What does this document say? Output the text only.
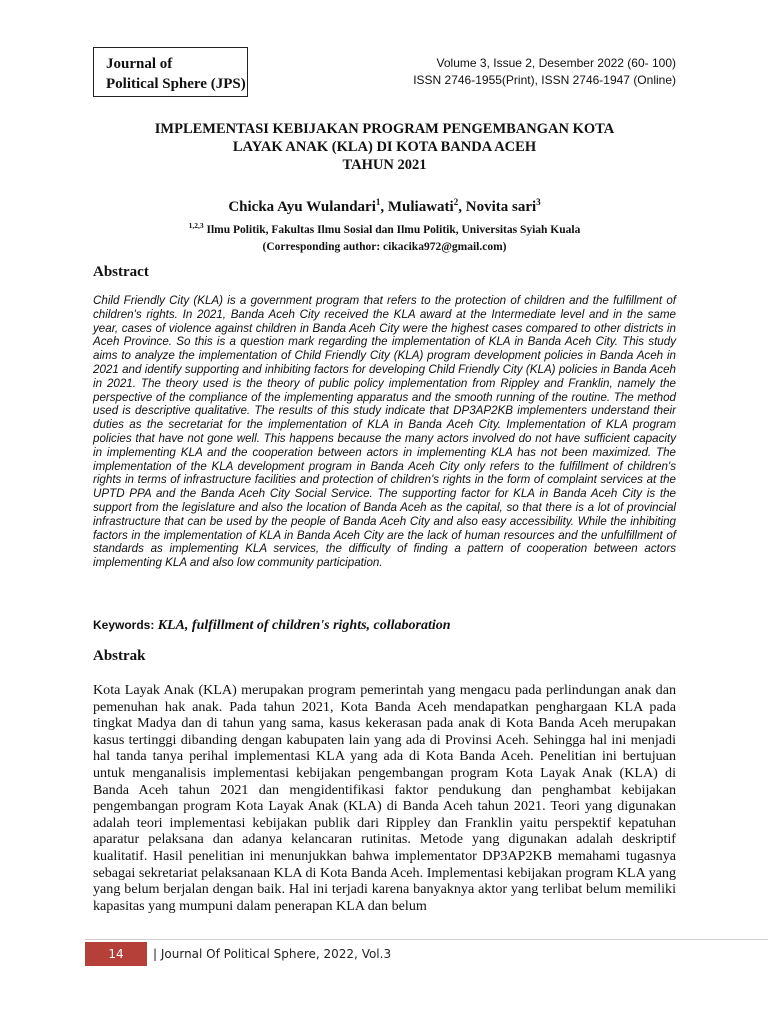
Journal of
Political Sphere (JPS)
Volume 3, Issue 2, Desember 2022 (60- 100)
ISSN 2746-1955(Print), ISSN 2746-1947 (Online)
IMPLEMENTASI KEBIJAKAN PROGRAM PENGEMBANGAN KOTA
LAYAK ANAK (KLA) DI KOTA BANDA ACEH
TAHUN 2021
Chicka Ayu Wulandari$^1$, Muliawati$^2$, Novita sari$^3$
$^{1,2,3}$ Ilmu Politik, Fakultas Ilmu Sosial dan Ilmu Politik, Universitas Syiah Kuala
(Corresponding author: cikacika972@gmail.com)
Abstract

Child Friendly City (KLA) is a government program that refers to the protection of children and the fulfillment of children's rights. In 2021, Banda Aceh City received the KLA award at the Intermediate level and in the same year, cases of violence against children in Banda Aceh City were the highest cases compared to other districts in Aceh Province. So this is a question mark regarding the implementation of KLA in Banda Aceh City. This study aims to analyze the implementation of Child Friendly City (KLA) program development policies in Banda Aceh in 2021 and identify supporting and inhibiting factors for developing Child Friendly City (KLA) policies in Banda Aceh in 2021. The theory used is the theory of public policy implementation from Rippley and Franklin, namely the perspective of the compliance of the implementing apparatus and the smooth running of the routine. The method used is descriptive qualitative. The results of this study indicate that DP3AP2KB implementers understand their duties as the secretariat for the implementation of KLA in Banda Aceh City. Implementation of KLA program policies that have not gone well. This happens because the many actors involved do not have sufficient capacity in implementing KLA and the cooperation between actors in implementing KLA has not been maximized. The implementation of the KLA development program in Banda Aceh City only refers to the fulfillment of children's rights in terms of infrastructure facilities and protection of children's rights in the form of complaint services at the UPTD PPA and the Banda Aceh City Social Service. The supporting factor for KLA in Banda Aceh City is the support from the legislature and also the location of Banda Aceh as the capital, so that there is a lot of provincial infrastructure that can be used by the people of Banda Aceh City and also easy accessibility. While the inhibiting factors in the implementation of KLA in Banda Aceh City are the lack of human resources and the unfulfillment of standards as implementing KLA services, the difficulty of finding a pattern of cooperation between actors implementing KLA and also low community participation.

Keywords: KLA, fulfillment of children's rights, collaboration
Abstrak

Kota Layak Anak (KLA) merupakan program pemerintah yang mengacu pada perlindungan anak dan pemenuhan hak anak. Pada tahun 2021, Kota Banda Aceh mendapatkan penghargaan KLA pada tingkat Madya dan di tahun yang sama, kasus kekerasan pada anak di Kota Banda Aceh merupakan kasus tertinggi dibanding dengan kabupaten lain yang ada di Provinsi Aceh. Sehingga hal ini menjadi hal tanda tanya perihal implementasi KLA yang ada di Kota Banda Aceh. Penelitian ini bertujuan untuk menganalisis implementasi kebijakan pengembangan program Kota Layak Anak (KLA) di Banda Aceh tahun 2021 dan mengidentifikasi faktor pendukung dan penghambat kebijakan pengembangan program Kota Layak Anak (KLA) di Banda Aceh tahun 2021. Teori yang digunakan adalah teori implementasi kebijakan publik dari Rippley dan Franklin yaitu perspektif kepatuhan aparatur pelaksana dan adanya kelancaran rutinitas. Metode yang digunakan adalah deskriptif kualitatif. Hasil penelitian ini menunjukkan bahwa implementator DP3AP2KB memahami tugasnya sebagai sekretariat pelaksanaan KLA di Kota Banda Aceh. Implementasi kebijakan program KLA yang yang belum berjalan dengan baik. Hal ini terjadi karena banyaknya aktor yang terlibat belum memiliki kapasitas yang mumpuni dalam penerapan KLA dan belum

14	| Journal Of Political Sphere, 2022, Vol.3
